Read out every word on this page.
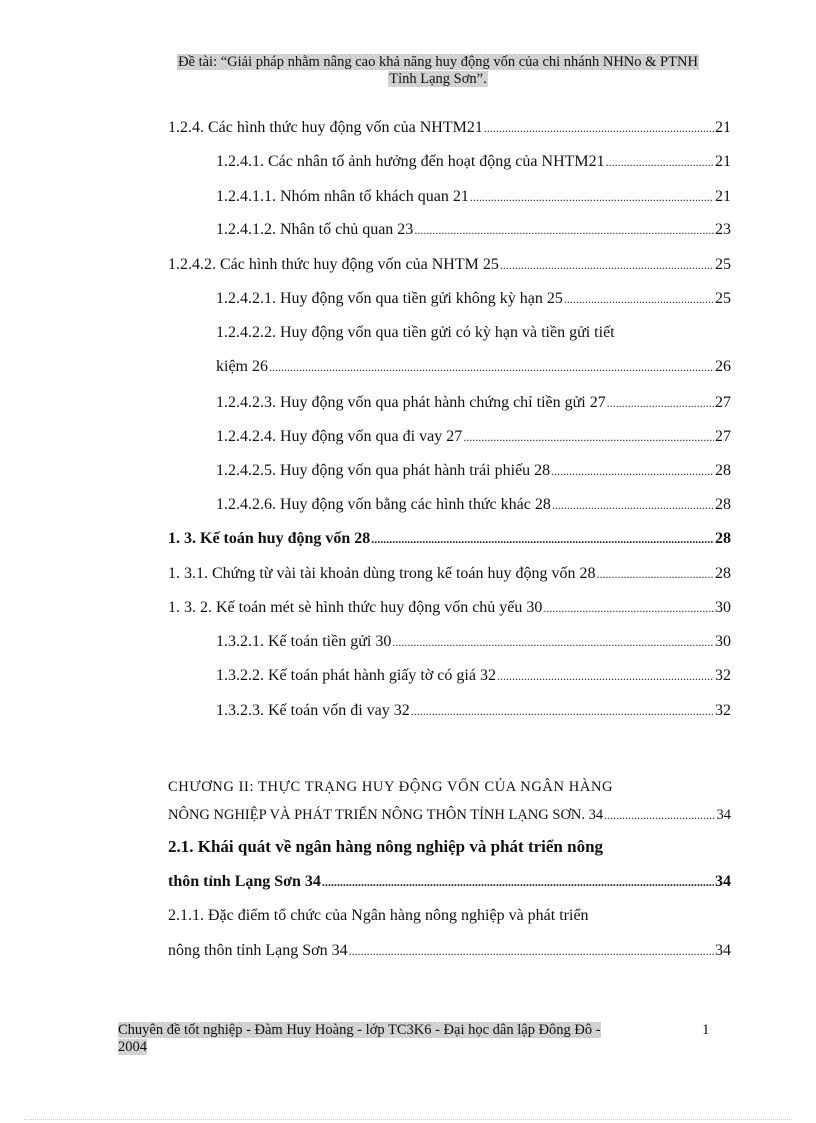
Đề tài: “Giải pháp nhằm nâng cao khả năng huy động vốn của chi nhánh NHNo & PTNH
Tỉnh Lạng Sơn”.
1.2.4. Các hình thức huy động vốn của NHTM21 .....	21
1.2.4.1. Các nhân tố ảnh hưởng đến hoạt động của NHTM21 .....	21
1.2.4.1.1. Nhóm nhân tố khách quan 21 .....	21
1.2.4.1.2. Nhân tố chủ quan 23 .....	23
1.2.4.2. Các hình thức huy động vốn của NHTM 25 .....	25
1.2.4.2.1. Huy động vốn qua tiền gửi không kỳ hạn 25 .....	25
1.2.4.2.2. Huy động vốn qua tiền gửi có kỳ hạn và tiền gửi tiết
kiệm 26 .....	26
1.2.4.2.3. Huy động vốn qua phát hành chứng chỉ tiền gửi 27 .....	27
1.2.4.2.4. Huy động vốn qua đi vay 27 .....	27
1.2.4.2.5. Huy động vốn qua phát hành trái phiếu 28 .....	28
1.2.4.2.6. Huy động vốn bằng các hình thức khác 28 .....	28
1. 3. Kế toán huy động vốn 28 .....	28
1. 3.1. Chứng từ vài tài khoản dùng trong kế toán huy động vốn 28 .....	28
1. 3. 2. Kế toán mét sè hình thức huy động vốn chủ yếu 30 .....	30
1.3.2.1. Kế toán tiền gửi 30 .....	30
1.3.2.2. Kế toán phát hành giấy tờ có giá 32 .....	32
1.3.2.3. Kế toán vốn đi vay 32 .....	32
CHƯƠNG II: THỰC TRẠNG HUY ĐỘNG VỐN CỦA NGÂN HÀNG
NÔNG NGHIỆP VÀ PHÁT TRIỂN NÔNG THÔN TỈNH LẠNG SƠN. 34 .....	34
2.1. Khái quát về ngân hàng nông nghiệp và phát triển nông
thôn tỉnh Lạng Sơn 34 .....	34
2.1.1. Đặc điểm tổ chức của Ngân hàng nông nghiệp và phát triển
nông thôn tỉnh Lạng Sơn 34 .....	34
Chuyên đề tốt nghiệp - Đàm Huy Hoàng - lớp TC3K6 - Đại học dân lập Đông Đô -
2004
1
